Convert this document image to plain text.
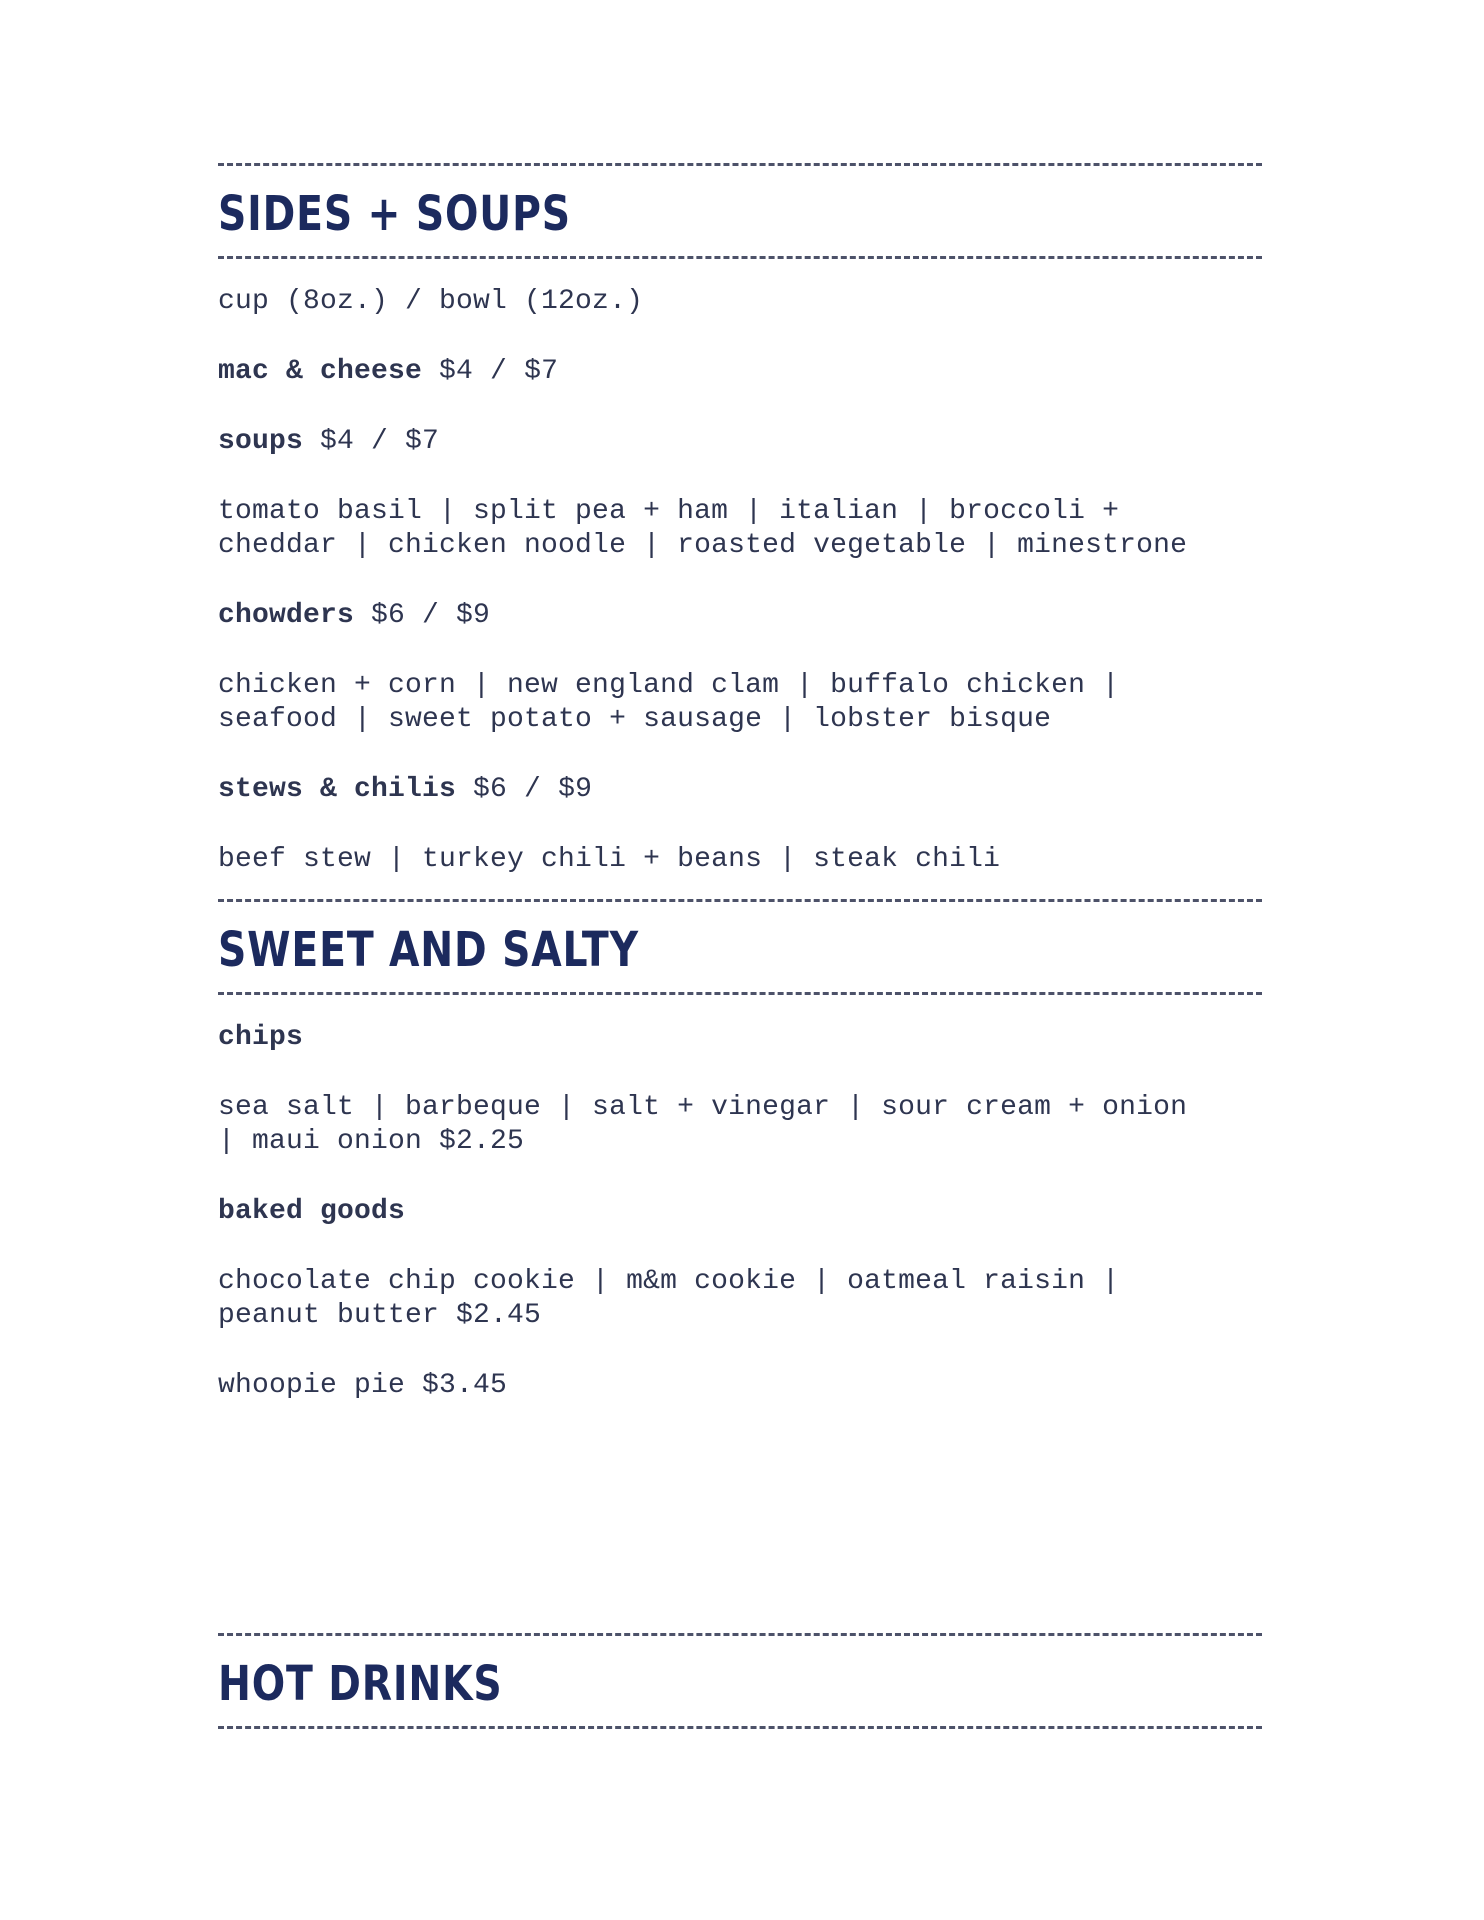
SIDES + SOUPS

cup (8oz.) / bowl (12oz.)

mac & cheese $4 / $7

soups $4 / $7

tomato basil | split pea + ham | italian | broccoli +
cheddar | chicken noodle | roasted vegetable | minestrone

chowders $6 / $9

chicken + corn | new england clam | buffalo chicken |
seafood | sweet potato + sausage | lobster bisque

stews & chilis $6 / $9

beef stew | turkey chili + beans | steak chili

SWEET AND SALTY

chips

sea salt | barbeque | salt + vinegar | sour cream + onion
| maui onion $2.25

baked goods

chocolate chip cookie | m&m cookie | oatmeal raisin |
peanut butter $2.45

whoopie pie $3.45

HOT DRINKS
